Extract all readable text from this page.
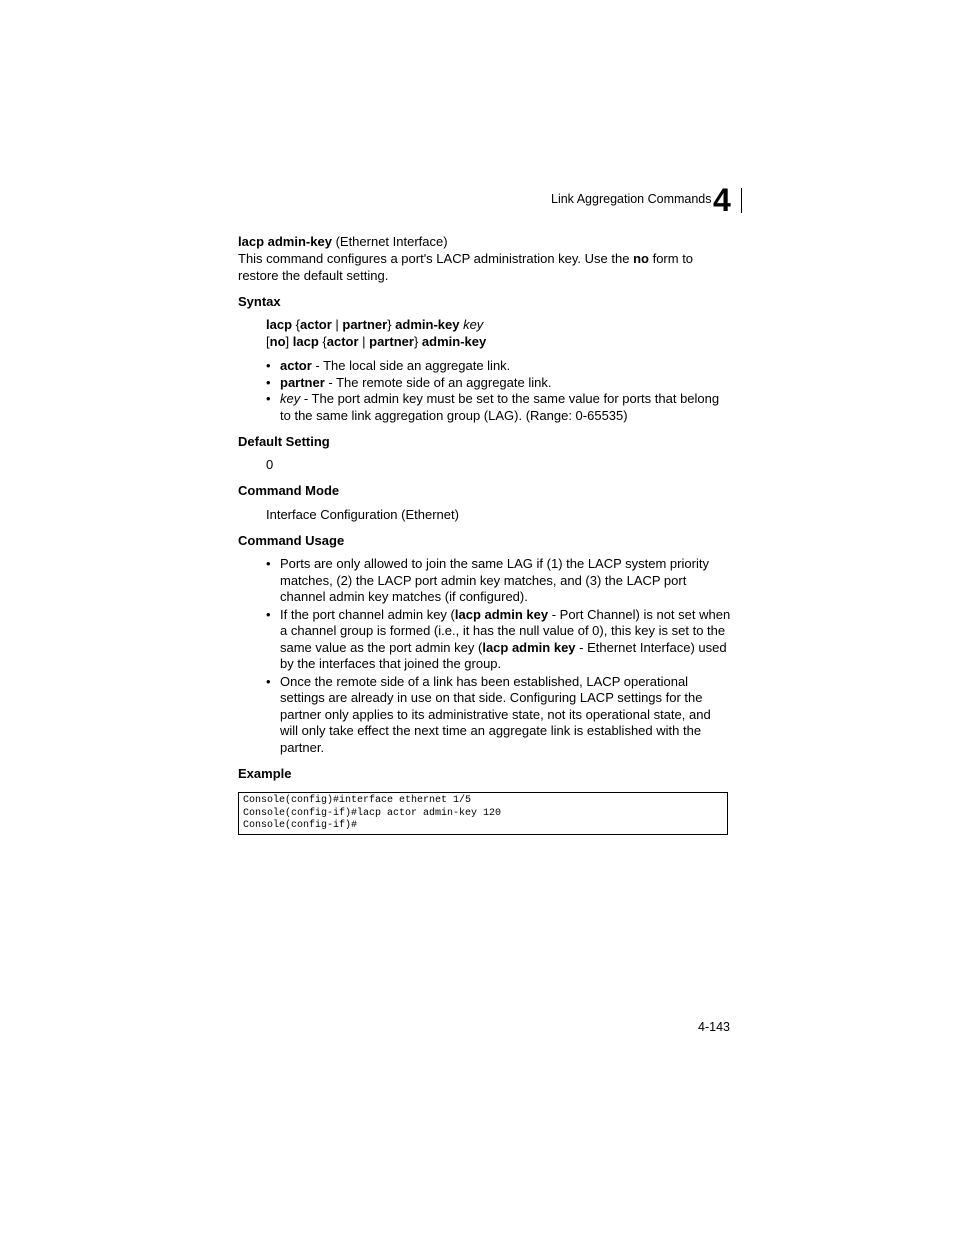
Link Aggregation Commands 4
lacp admin-key (Ethernet Interface)
This command configures a port's LACP administration key. Use the no form to
restore the default setting.
Syntax
lacp {actor | partner} admin-key key
[no] lacp {actor | partner} admin-key
• actor - The local side an aggregate link.
• partner - The remote side of an aggregate link.
• key - The port admin key must be set to the same value for ports that belong
to the same link aggregation group (LAG). (Range: 0-65535)
Default Setting
0
Command Mode
Interface Configuration (Ethernet)
Command Usage
• Ports are only allowed to join the same LAG if (1) the LACP system priority
matches, (2) the LACP port admin key matches, and (3) the LACP port
channel admin key matches (if configured).
• If the port channel admin key (lacp admin key - Port Channel) is not set when
a channel group is formed (i.e., it has the null value of 0), this key is set to the
same value as the port admin key (lacp admin key - Ethernet Interface) used
by the interfaces that joined the group.
• Once the remote side of a link has been established, LACP operational
settings are already in use on that side. Configuring LACP settings for the
partner only applies to its administrative state, not its operational state, and
will only take effect the next time an aggregate link is established with the
partner.
Example
Console(config)#interface ethernet 1/5
Console(config-if)#lacp actor admin-key 120
Console(config-if)#
4-143
